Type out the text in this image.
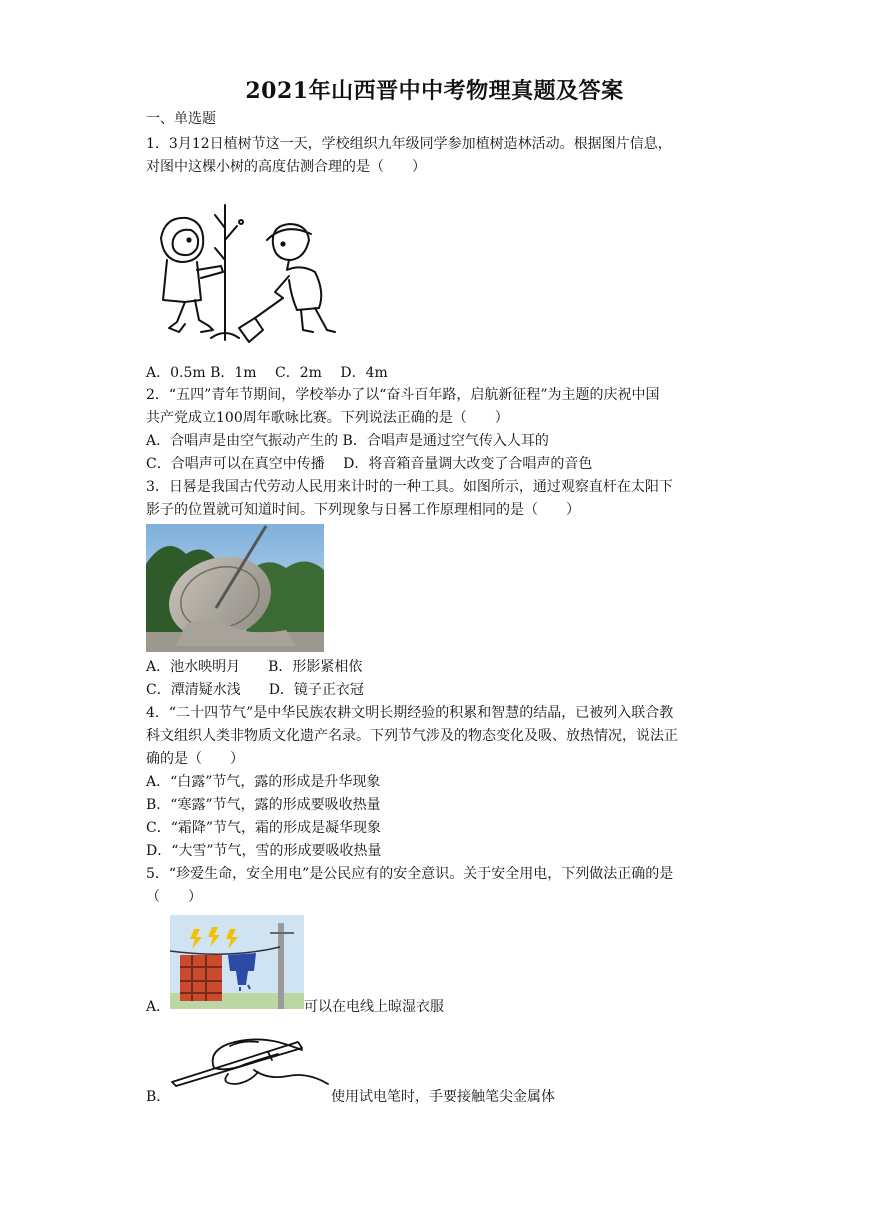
2021年山西晋中中考物理真题及答案
一、单选题
1．3月12日植树节这一天，学校组织九年级同学参加植树造林活动。根据图片信息，
对图中这棵小树的高度估测合理的是（　　）
A．0.5m B．1m　 C．2m　 D．4m
2．“五四”青年节期间，学校举办了以“奋斗百年路，启航新征程”为主题的庆祝中国
共产党成立100周年歌咏比赛。下列说法正确的是（　　）
A．合唱声是由空气振动产生的 B．合唱声是通过空气传入人耳的
C．合唱声可以在真空中传播　 D．将音箱音量调大改变了合唱声的音色
3．日晷是我国古代劳动人民用来计时的一种工具。如图所示，通过观察直杆在太阳下
影子的位置就可知道时间。下列现象与日晷工作原理相同的是（　　）
A．池水映明月　　B．形影紧相依
C．潭清疑水浅　　D．镜子正衣冠
4．“二十四节气”是中华民族农耕文明长期经验的积累和智慧的结晶，已被列入联合教
科文组织人类非物质文化遗产名录。下列节气涉及的物态变化及吸、放热情况，说法正
确的是（　　）
A．“白露”节气，露的形成是升华现象
B．“寒露”节气，露的形成要吸收热量
C．“霜降”节气，霜的形成是凝华现象
D．“大雪”节气，雪的形成要吸收热量
5．“珍爱生命，安全用电”是公民应有的安全意识。关于安全用电，下列做法正确的是
（　　）
A．	可以在电线上晾湿衣服
B．	使用试电笔时，手要接触笔尖金属体
